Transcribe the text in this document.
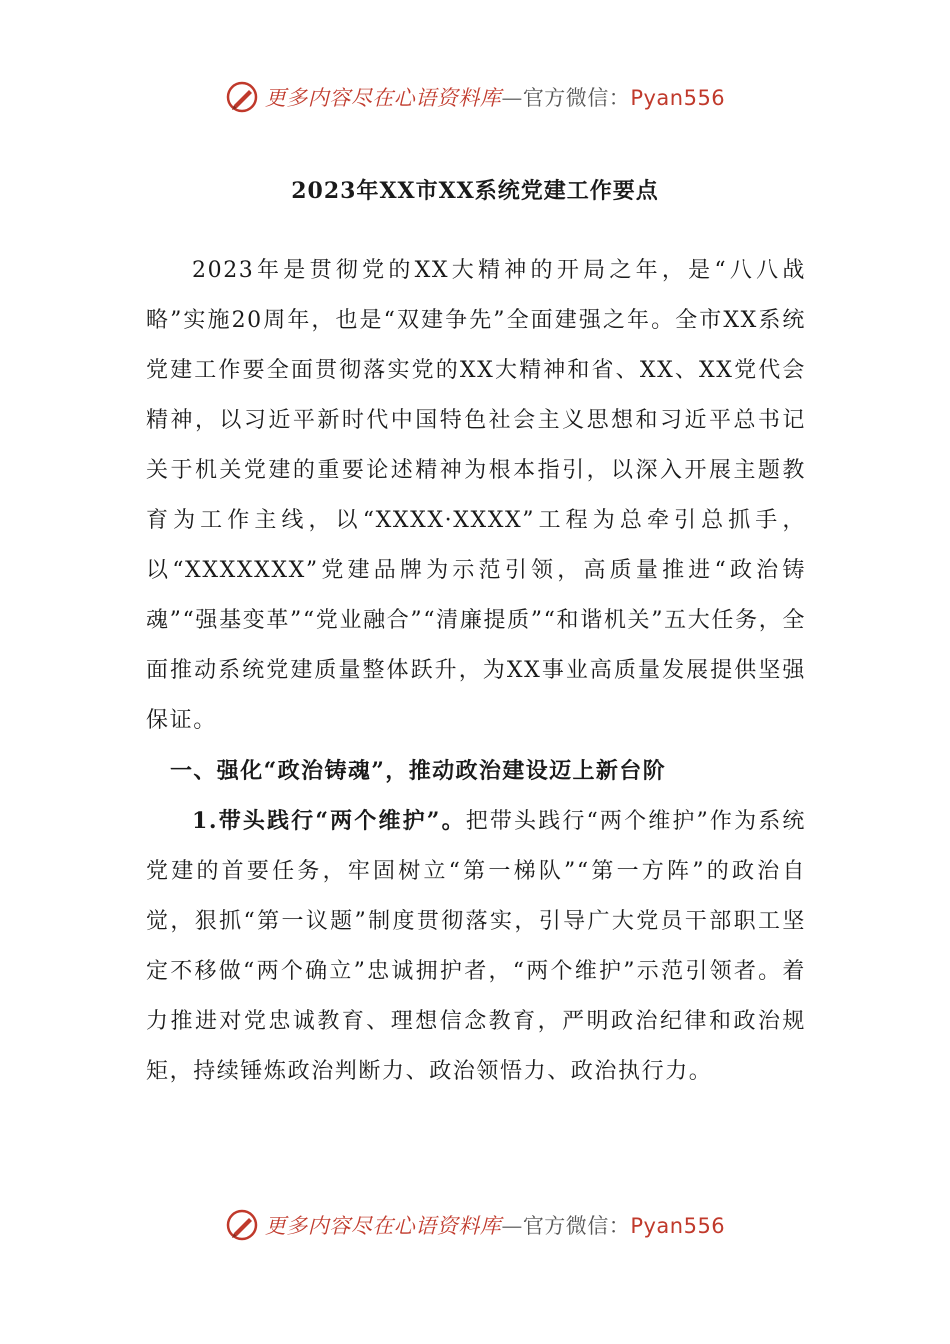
更多内容尽在心语资料库—官方微信：Pyan556
2023年XX市XX系统党建工作要点
2023年是贯彻党的XX大精神的开局之年，是“八八战略”实施20周年，也是“双建争先”全面建强之年。全市XX系统党建工作要全面贯彻落实党的XX大精神和省、XX、XX党代会精神，以习近平新时代中国特色社会主义思想和习近平总书记关于机关党建的重要论述精神为根本指引，以深入开展主题教育为工作主线，以“XXXX·XXXX”工程为总牵引总抓手，以“XXXXXXX”党建品牌为示范引领，高质量推进“政治铸魂”“强基变革”“党业融合”“清廉提质”“和谐机关”五大任务，全面推动系统党建质量整体跃升，为XX事业高质量发展提供坚强保证。
一、强化“政治铸魂”，推动政治建设迈上新台阶
1.带头践行“两个维护”。把带头践行“两个维护”作为系统党建的首要任务，牢固树立“第一梯队”“第一方阵”的政治自觉，狠抓“第一议题”制度贯彻落实，引导广大党员干部职工坚定不移做“两个确立”忠诚拥护者，“两个维护”示范引领者。着力推进对党忠诚教育、理想信念教育，严明政治纪律和政治规矩，持续锤炼政治判断力、政治领悟力、政治执行力。
更多内容尽在心语资料库—官方微信：Pyan556
